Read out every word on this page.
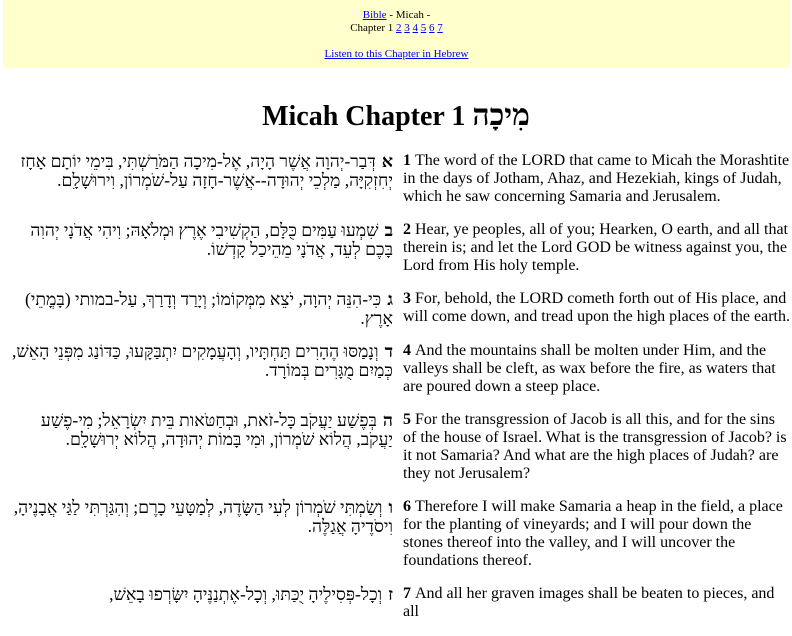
Bible - Micah -
Chapter 1 2 3 4 5 6 7

Listen to this Chapter in Hebrew
Micah Chapter 1 מִיכָה
אדְּבַר-יְהוָה אֲשֶׁר הָיָה, אֶל-מִיכָה הַמֹּרַשְׁתִּי, בִּימֵי יוֹתָם אָחָז יְחִזְקִיָּה, מַלְכֵי יְהוּדָה--אֲשֶׁר-חָזָה עַל-שֹׁמְרוֹן, וִירוּשָׁלִָם.	1 The word of the LORD that came to Micah the Morashtite in the days of Jotham, Ahaz, and Hezekiah, kings of Judah, which he saw concerning Samaria and Jerusalem.
בשִׁמְעוּ עַמִּים כֻּלָּם, הַקְשִׁיבִי אֶרֶץ וּמְלֹאָהּ; וִיהִי אֲדֹנָי יְהוִה בָּכֶם לְעֵד, אֲדֹנָי מֵהֵיכַל קָדְשׁוֹ.	2 Hear, ye peoples, all of you; Hearken, O earth, and all that therein is; and let the Lord GOD be witness against you, the Lord from His holy temple.
גכִּי-הִנֵּה יְהוָה, יֹצֵא מִמְּקוֹמוֹ; וְיָרַד וְדָרַךְ, עַל-במותי (בָּמֳתֵי) אָרֶץ.	3 For, behold, the LORD cometh forth out of His place, and will come down, and tread upon the high places of the earth.
דוְנָמַסּוּ הֶהָרִים תַּחְתָּיו, וְהָעֲמָקִים יִתְבַּקָּעוּ, כַּדּוֹנַג מִפְּנֵי הָאֵשׁ, כְּמַיִם מֻגָּרִים בְּמוֹרָד.	4 And the mountains shall be molten under Him, and the valleys shall be cleft, as wax before the fire, as waters that are poured down a steep place.
הבְּפֶשַׁע יַעֲקֹב כָּל-זֹאת, וּבְחַטֹּאות בֵּית יִשְׂרָאֵל; מִי-פֶשַׁע יַעֲקֹב, הֲלוֹא שֹׁמְרוֹן, וּמִי בָּמוֹת יְהוּדָה, הֲלוֹא יְרוּשָׁלִָם.	5 For the transgression of Jacob is all this, and for the sins of the house of Israel. What is the transgression of Jacob? is it not Samaria? And what are the high places of Judah? are they not Jerusalem?
ווְשַׂמְתִּי שֹׁמְרוֹן לְעִי הַשָּׂדֶה, לְמַטָּעֵי כָרֶם; וְהִגַּרְתִּי לַגַּי אֲבָנֶיהָ, וִיסֹדֶיהָ אֲגַלֶּה.	6 Therefore I will make Samaria a heap in the field, a place for the planting of vineyards; and I will pour down the stones thereof into the valley, and I will uncover the foundations thereof.
זוְכָל-פְּסִילֶיהָ יֻכַּתּוּ, וְכָל-אֶתְנַנֶּיהָ יִשָּׂרְפוּ בָאֵשׁ,	7 And all her graven images shall be beaten to pieces, and all
